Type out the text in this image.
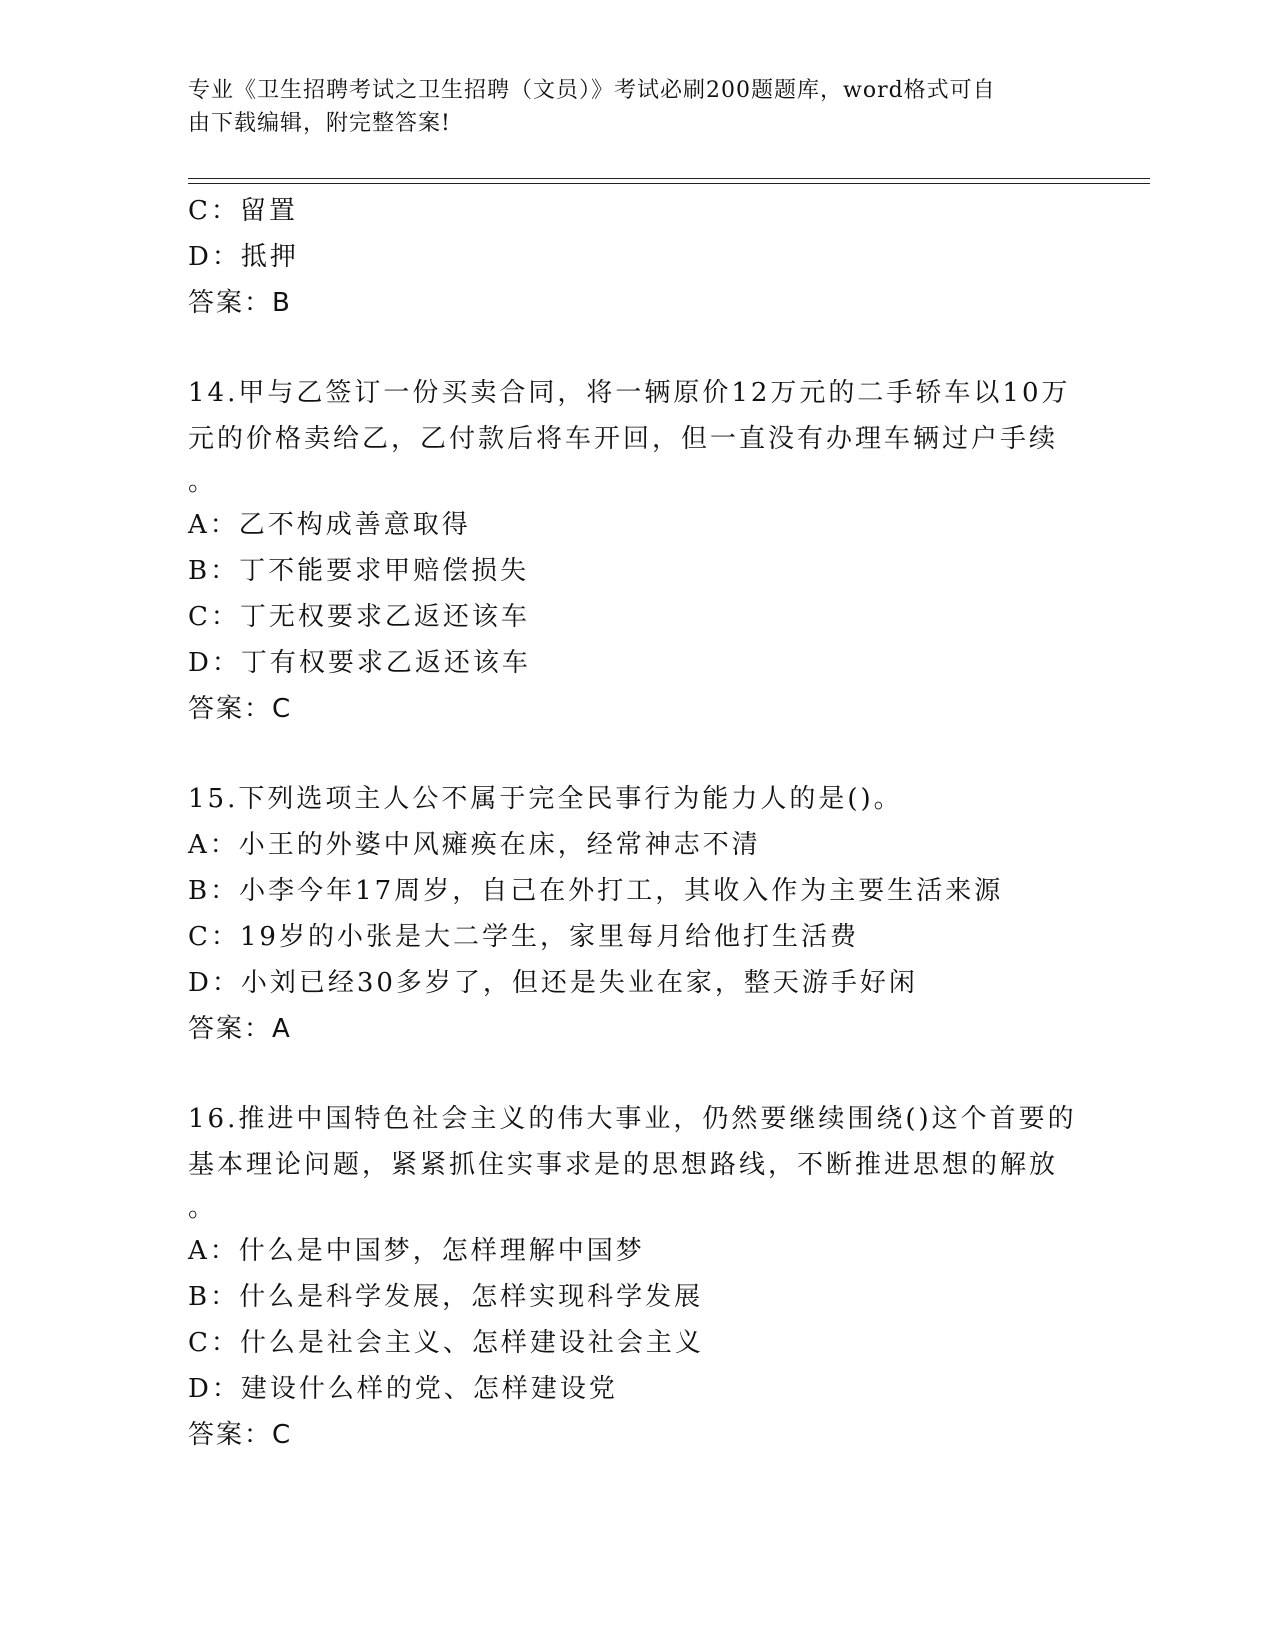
专业《卫生招聘考试之卫生招聘（文员）》考试必刷200题题库，word格式可自
由下载编辑，附完整答案!
C：留置
D：抵押
答案：B
14.甲与乙签订一份买卖合同，将一辆原价12万元的二手轿车以10万
元的价格卖给乙，乙付款后将车开回，但一直没有办理车辆过户手续
。
A：乙不构成善意取得
B：丁不能要求甲赔偿损失
C：丁无权要求乙返还该车
D：丁有权要求乙返还该车
答案：C
15.下列选项主人公不属于完全民事行为能力人的是()。
A：小王的外婆中风瘫痪在床，经常神志不清
B：小李今年17周岁，自己在外打工，其收入作为主要生活来源
C：19岁的小张是大二学生，家里每月给他打生活费
D：小刘已经30多岁了，但还是失业在家，整天游手好闲
答案：A
16.推进中国特色社会主义的伟大事业，仍然要继续围绕()这个首要的
基本理论问题，紧紧抓住实事求是的思想路线，不断推进思想的解放
。
A：什么是中国梦，怎样理解中国梦
B：什么是科学发展，怎样实现科学发展
C：什么是社会主义、怎样建设社会主义
D：建设什么样的党、怎样建设党
答案：C
